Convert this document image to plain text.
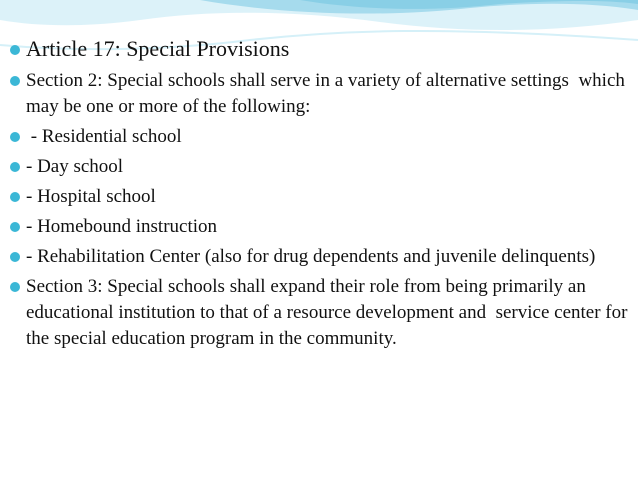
Article 17: Special Provisions
Section 2: Special schools shall serve in a variety of alternative settings  which may be one or more of the following:
- Residential school
- Day school
- Hospital school
- Homebound instruction
- Rehabilitation Center (also for drug dependents and juvenile delinquents)
Section 3: Special schools shall expand their role from being primarily an  educational institution to that of a resource development and  service center for the special education program in the community.
